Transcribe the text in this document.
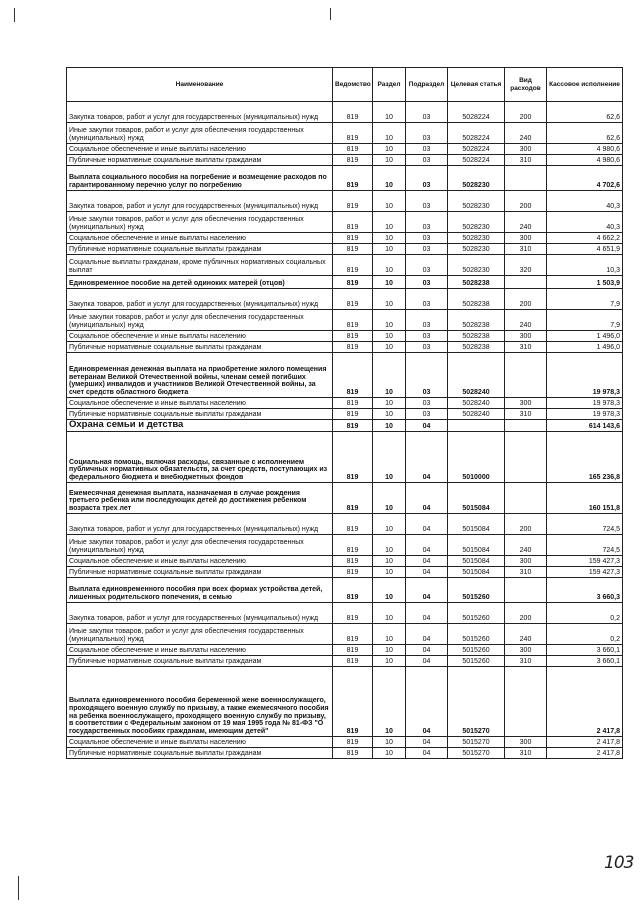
Наименование	Ведомство	Раздел	Подраздел	Целевая статья	Вид расходов	Кассовое исполнение
Закупка товаров, работ и услуг для государственных (муниципальных) нужд	819	10	03	5028224	200	62,6
Иные закупки товаров, работ и услуг для обеспечения государственных (муниципальных) нужд	819	10	03	5028224	240	62,6
Социальное обеспечение и иные выплаты населению	819	10	03	5028224	300	4 980,6
Публичные нормативные социальные выплаты гражданам	819	10	03	5028224	310	4 980,6
Выплата социального пособия на погребение и возмещение расходов по гарантированному перечню услуг по погребению	819	10	03	5028230		4 702,6
Закупка товаров, работ и услуг для государственных (муниципальных) нужд	819	10	03	5028230	200	40,3
Иные закупки товаров, работ и услуг для обеспечения государственных (муниципальных) нужд	819	10	03	5028230	240	40,3
Социальное обеспечение и иные выплаты населению	819	10	03	5028230	300	4 662,2
Публичные нормативные социальные выплаты гражданам	819	10	03	5028230	310	4 651,9
Социальные выплаты гражданам, кроме публичных нормативных социальных выплат	819	10	03	5028230	320	10,3
Единовременное пособие на детей одиноких матерей (отцов)	819	10	03	5028238		1 503,9
Закупка товаров, работ и услуг для государственных (муниципальных) нужд	819	10	03	5028238	200	7,9
Иные закупки товаров, работ и услуг для обеспечения государственных (муниципальных) нужд	819	10	03	5028238	240	7,9
Социальное обеспечение и иные выплаты населению	819	10	03	5028238	300	1 496,0
Публичные нормативные социальные выплаты гражданам	819	10	03	5028238	310	1 496,0
Единовременная денежная выплата на приобретение жилого помещения ветеранам Великой Отечественной войны, членам семей погибших (умерших) инвалидов и участников Великой Отечественной войны, за счет средств областного бюджета	819	10	03	5028240		19 978,3
Социальное обеспечение и иные выплаты населению	819	10	03	5028240	300	19 978,3
Публичные нормативные социальные выплаты гражданам	819	10	03	5028240	310	19 978,3
Охрана семьи и детства	819	10	04			614 143,6
Социальная помощь, включая расходы, связанные с исполнением публичных нормативных обязательств, за счет средств, поступающих из федерального бюджета и внебюджетных фондов	819	10	04	5010000		165 236,8
Ежемесячная денежная выплата, назначаемая в случае рождения третьего ребенка или последующих детей до достижения ребенком возраста трех лет	819	10	04	5015084		160 151,8
Закупка товаров, работ и услуг для государственных (муниципальных) нужд	819	10	04	5015084	200	724,5
Иные закупки товаров, работ и услуг для обеспечения государственных (муниципальных) нужд	819	10	04	5015084	240	724,5
Социальное обеспечение и иные выплаты населению	819	10	04	5015084	300	159 427,3
Публичные нормативные социальные выплаты гражданам	819	10	04	5015084	310	159 427,3
Выплата единовременного пособия при всех формах устройства детей, лишенных родительского попечения, в семью	819	10	04	5015260		3 660,3
Закупка товаров, работ и услуг для государственных (муниципальных) нужд	819	10	04	5015260	200	0,2
Иные закупки товаров, работ и услуг для обеспечения государственных (муниципальных) нужд	819	10	04	5015260	240	0,2
Социальное обеспечение и иные выплаты населению	819	10	04	5015260	300	3 660,1
Публичные нормативные социальные выплаты гражданам	819	10	04	5015260	310	3 660,1
Выплата единовременного пособия беременной жене военнослужащего, проходящего военную службу по призыву, а также ежемесячного пособия на ребенка военнослужащего, проходящего военную службу по призыву, в соответствии с Федеральным законом от 19 мая 1995 года № 81-ФЗ "О государственных пособиях гражданам, имеющим детей"	819	10	04	5015270		2 417,8
Социальное обеспечение и иные выплаты населению	819	10	04	5015270	300	2 417,8
Публичные нормативные социальные выплаты гражданам	819	10	04	5015270	310	2 417,8
103
